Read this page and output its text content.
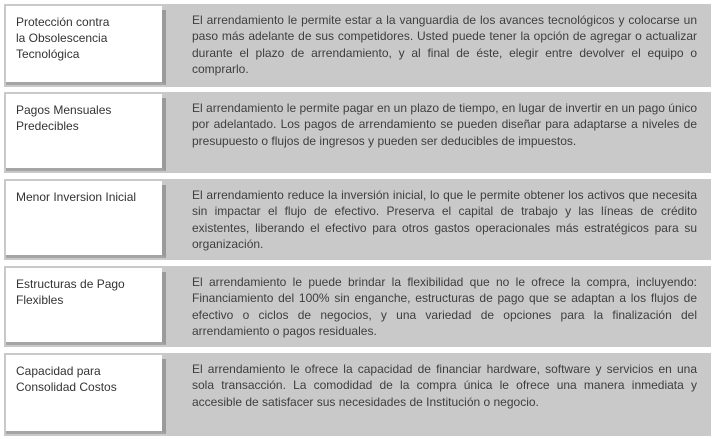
Protección contra la Obsolescencia Tecnológica
El arrendamiento le permite estar a la vanguardia de los avances tecnológicos y colocarse un paso más adelante de sus competidores. Usted puede tener la opción de agregar o actualizar durante el plazo de arrendamiento, y al final de éste, elegir entre devolver el equipo o comprarlo.
Pagos Mensuales Predecibles
El arrendamiento le permite pagar en un plazo de tiempo, en lugar de invertir en un pago único por adelantado. Los pagos de arrendamiento se pueden diseñar para adaptarse a niveles de presupuesto o flujos de ingresos y pueden ser deducibles de impuestos.
Menor Inversion Inicial	El arrendamiento reduce la inversión inicial, lo que le permite obtener los activos que necesita sin impactar el flujo de efectivo. Preserva el capital de trabajo y las líneas de crédito existentes, liberando el efectivo para otros gastos operacionales más estratégicos para su organización.
Estructuras de Pago Flexibles
El arrendamiento le puede brindar la flexibilidad que no le ofrece la compra, incluyendo: Financiamiento del 100% sin enganche, estructuras de pago que se adaptan a los flujos de efectivo o ciclos de negocios, y una variedad de opciones para la finalización del arrendamiento o pagos residuales.
Capacidad para Consolidad Costos
El arrendamiento le ofrece la capacidad de financiar hardware, software y servicios en una sola transacción. La comodidad de la compra única le ofrece una manera inmediata y accesible de satisfacer sus necesidades de Institución o negocio.
